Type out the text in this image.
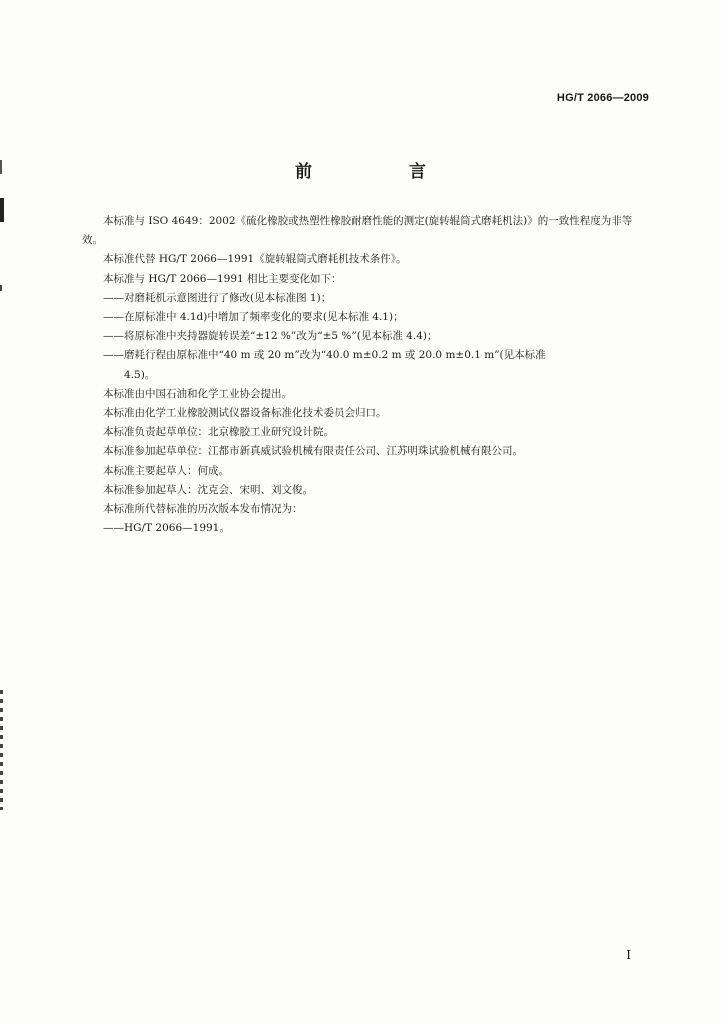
HG/T 2066—2009
前　言

本标准与 ISO 4649：2002《硫化橡胶或热塑性橡胶耐磨性能的测定(旋转辊筒式磨耗机法)》的一致性程度为非等效。

本标准代替 HG/T 2066—1991《旋转辊筒式磨耗机技术条件》。

本标准与 HG/T 2066—1991 相比主要变化如下：

——对磨耗机示意图进行了修改(见本标准图 1)；

——在原标准中 4.1d)中增加了频率变化的要求(见本标准 4.1)；

——将原标准中夹持器旋转误差“±12 %”改为“±5 %”(见本标准 4.4)；

——磨耗行程由原标准中“40 m 或 20 m”改为“40.0 m±0.2 m 或 20.0 m±0.1 m”(见本标准

4.5)。

本标准由中国石油和化学工业协会提出。

本标准由化学工业橡胶测试仪器设备标准化技术委员会归口。

本标准负责起草单位：北京橡胶工业研究设计院。

本标准参加起草单位：江都市新真威试验机械有限责任公司、江苏明珠试验机械有限公司。

本标准主要起草人：何成。

本标准参加起草人：沈克会、宋明、刘文俊。

本标准所代替标准的历次版本发布情况为：

——HG/T 2066—1991。

I
